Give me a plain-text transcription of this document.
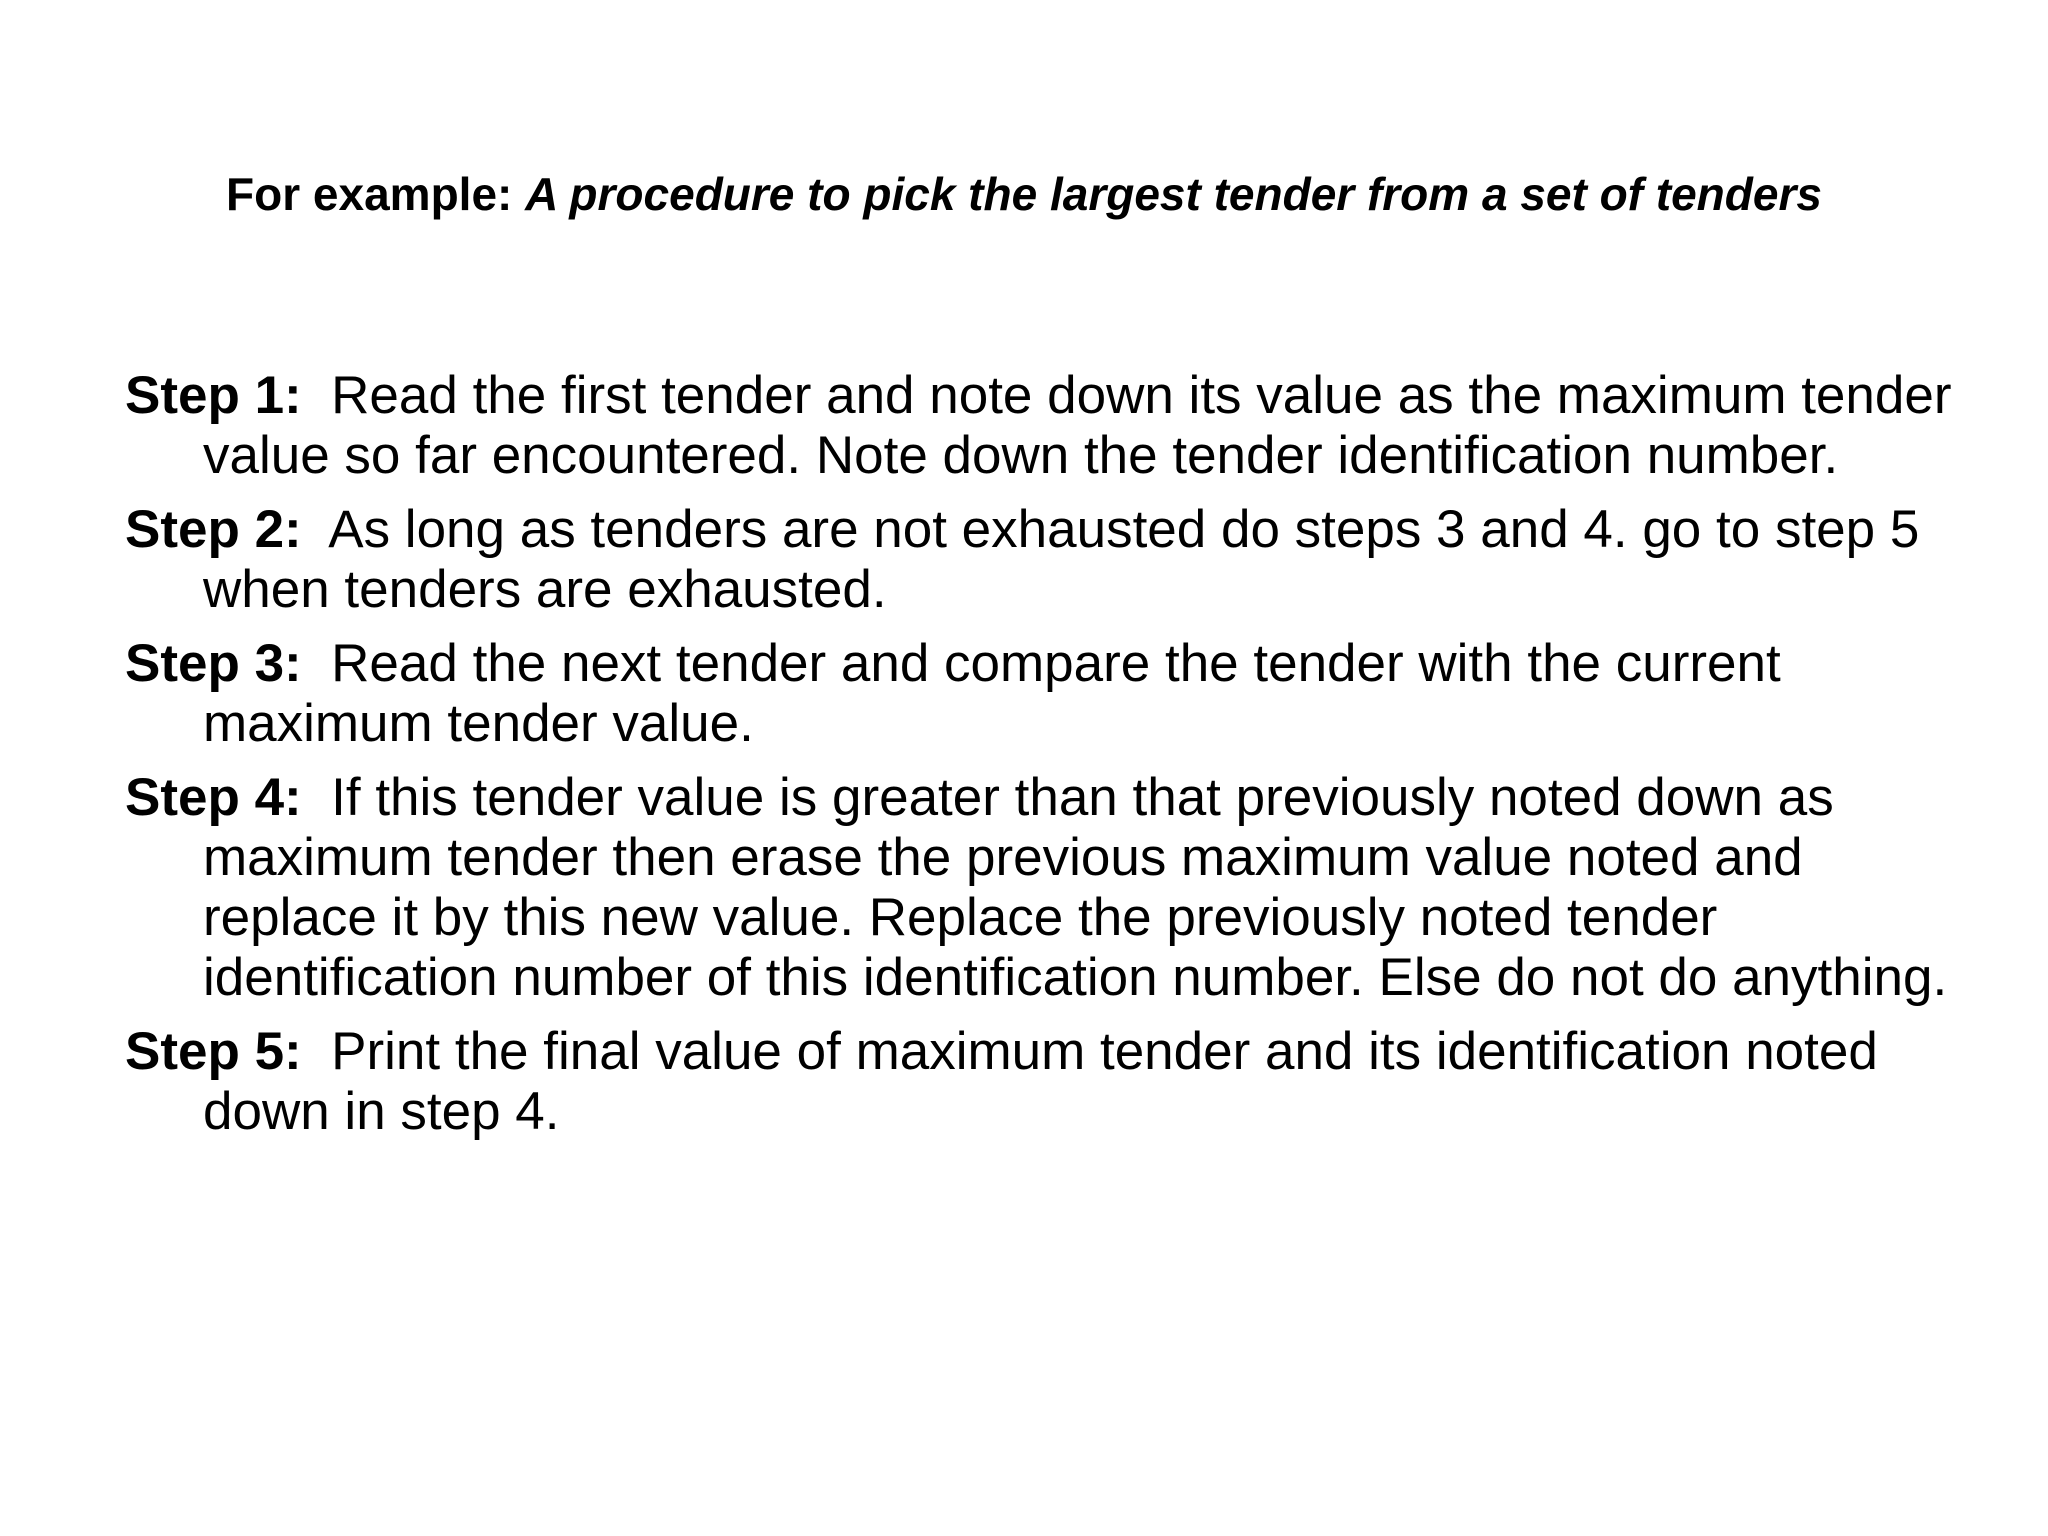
For example: A procedure to pick the largest tender from a set of tenders
Step 1:  Read the first tender and note down its value as the maximum tender value so far encountered. Note down the tender identification number.
Step 2:  As long as tenders are not exhausted do steps 3 and 4. go to step 5 when tenders are exhausted.
Step 3:  Read the next tender and compare the tender with the current maximum tender value.
Step 4:  If this tender value is greater than that previously noted down as maximum tender then erase the previous maximum value noted and replace it by this new value. Replace the previously noted tender identification number of this identification number. Else do not do anything.
Step 5:  Print the final value of maximum tender and its identification noted down in step 4.
